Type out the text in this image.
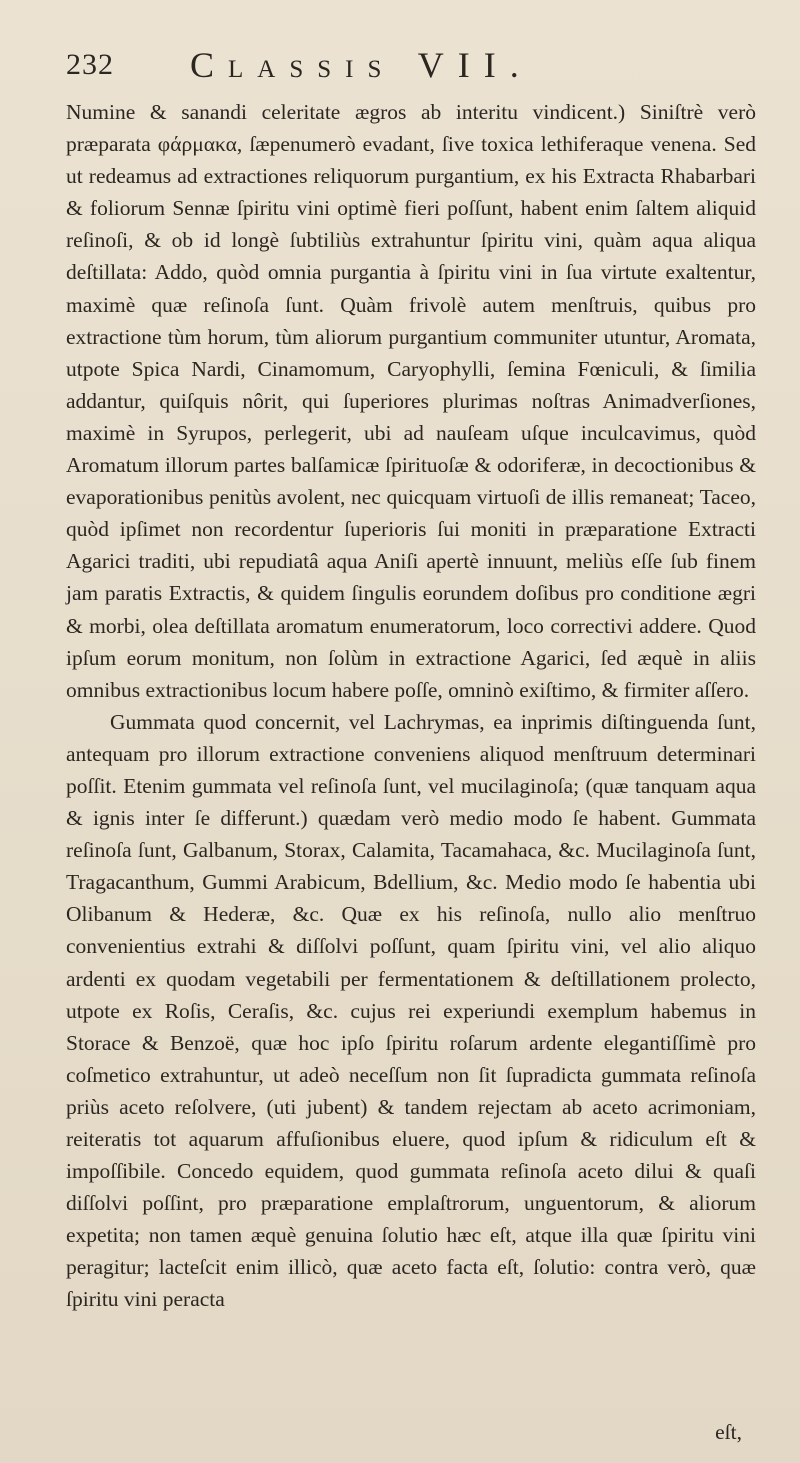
232 Classis VII.

Numine & sanandi celeritate ægros ab interitu vindicent.) Siniſtrè verò præparata φάρμακα, ſæpenumerò evadant, ſive toxica lethiferaque venena. Sed ut redeamus ad extractiones reliquorum purgantium, ex his Extracta Rhabarbari & foliorum Sennæ ſpiritu vini optimè fieri poſſunt, habent enim ſaltem aliquid reſinoſi, & ob id longè ſubtiliùs extrahuntur ſpiritu vini, quàm aqua aliqua deſtillata: Addo, quòd omnia purgantia à ſpiritu vini in ſua virtute exaltentur, maximè quæ reſinoſa ſunt. Quàm frivolè autem menſtruis, quibus pro extractione tùm horum, tùm aliorum purgantium communiter utuntur, Aromata, utpote Spica Nardi, Cinamomum, Caryophylli, ſemina Fœniculi, & ſimilia addantur, quiſquis nôrit, qui ſuperiores plurimas noſtras Animadverſiones, maximè in Syrupos, perlegerit, ubi ad nauſeam uſque inculcavimus, quòd Aromatum illorum partes balſamicæ ſpirituoſæ & odoriferæ, in decoctionibus & evaporationibus penitùs avolent, nec quicquam virtuoſi de illis remaneat; Taceo, quòd ipſimet non recordentur ſuperioris ſui moniti in præparatione Extracti Agarici traditi, ubi repudiatâ aqua Aniſi apertè innuunt, meliùs eſſe ſub finem jam paratis Extractis, & quidem ſingulis eorundem doſibus pro conditione ægri & morbi, olea deſtillata aromatum enumeratorum, loco correctivi addere. Quod ipſum eorum monitum, non ſolùm in extractione Agarici, ſed æquè in aliis omnibus extractionibus locum habere poſſe, omninò exiſtimo, & firmiter aſſero.

Gummata quod concernit, vel Lachrymas, ea inprimis diſtinguenda ſunt, antequam pro illorum extractione conveniens aliquod menſtruum determinari poſſit. Etenim gummata vel reſinoſa ſunt, vel mucilaginoſa; (quæ tanquam aqua & ignis inter ſe differunt.) quædam verò medio modo ſe habent. Gummata reſinoſa ſunt, Galbanum, Storax, Calamita, Tacamahaca, &c. Mucilaginoſa ſunt, Tragacanthum, Gummi Arabicum, Bdellium, &c. Medio modo ſe habentia ubi Olibanum & Hederæ, &c. Quæ ex his reſinoſa, nullo alio menſtruo convenientius extrahi & diſſolvi poſſunt, quam ſpiritu vini, vel alio aliquo ardenti ex quodam vegetabili per fermentationem & deſtillationem prolecto, utpote ex Roſis, Ceraſis, &c. cujus rei experiundi exemplum habemus in Storace & Benzoë, quæ hoc ipſo ſpiritu roſarum ardente elegantiſſimè pro coſmetico extrahuntur, ut adeò neceſſum non ſit ſupradicta gummata reſinoſa priùs aceto reſolvere, (uti jubent) & tandem rejectam ab aceto acrimoniam, reiteratis tot aquarum affuſionibus eluere, quod ipſum & ridiculum eſt & impoſſibile. Concedo equidem, quod gummata reſinoſa aceto dilui & quaſi diſſolvi poſſint, pro præparatione emplaſtrorum, unguentorum, & aliorum expetita; non tamen æquè genuina ſolutio hæc eſt, atque illa quæ ſpiritu vini peragitur; lacteſcit enim illicò, quæ aceto facta eſt, ſolutio: contra verò, quæ ſpiritu vini peracta

eſt,
